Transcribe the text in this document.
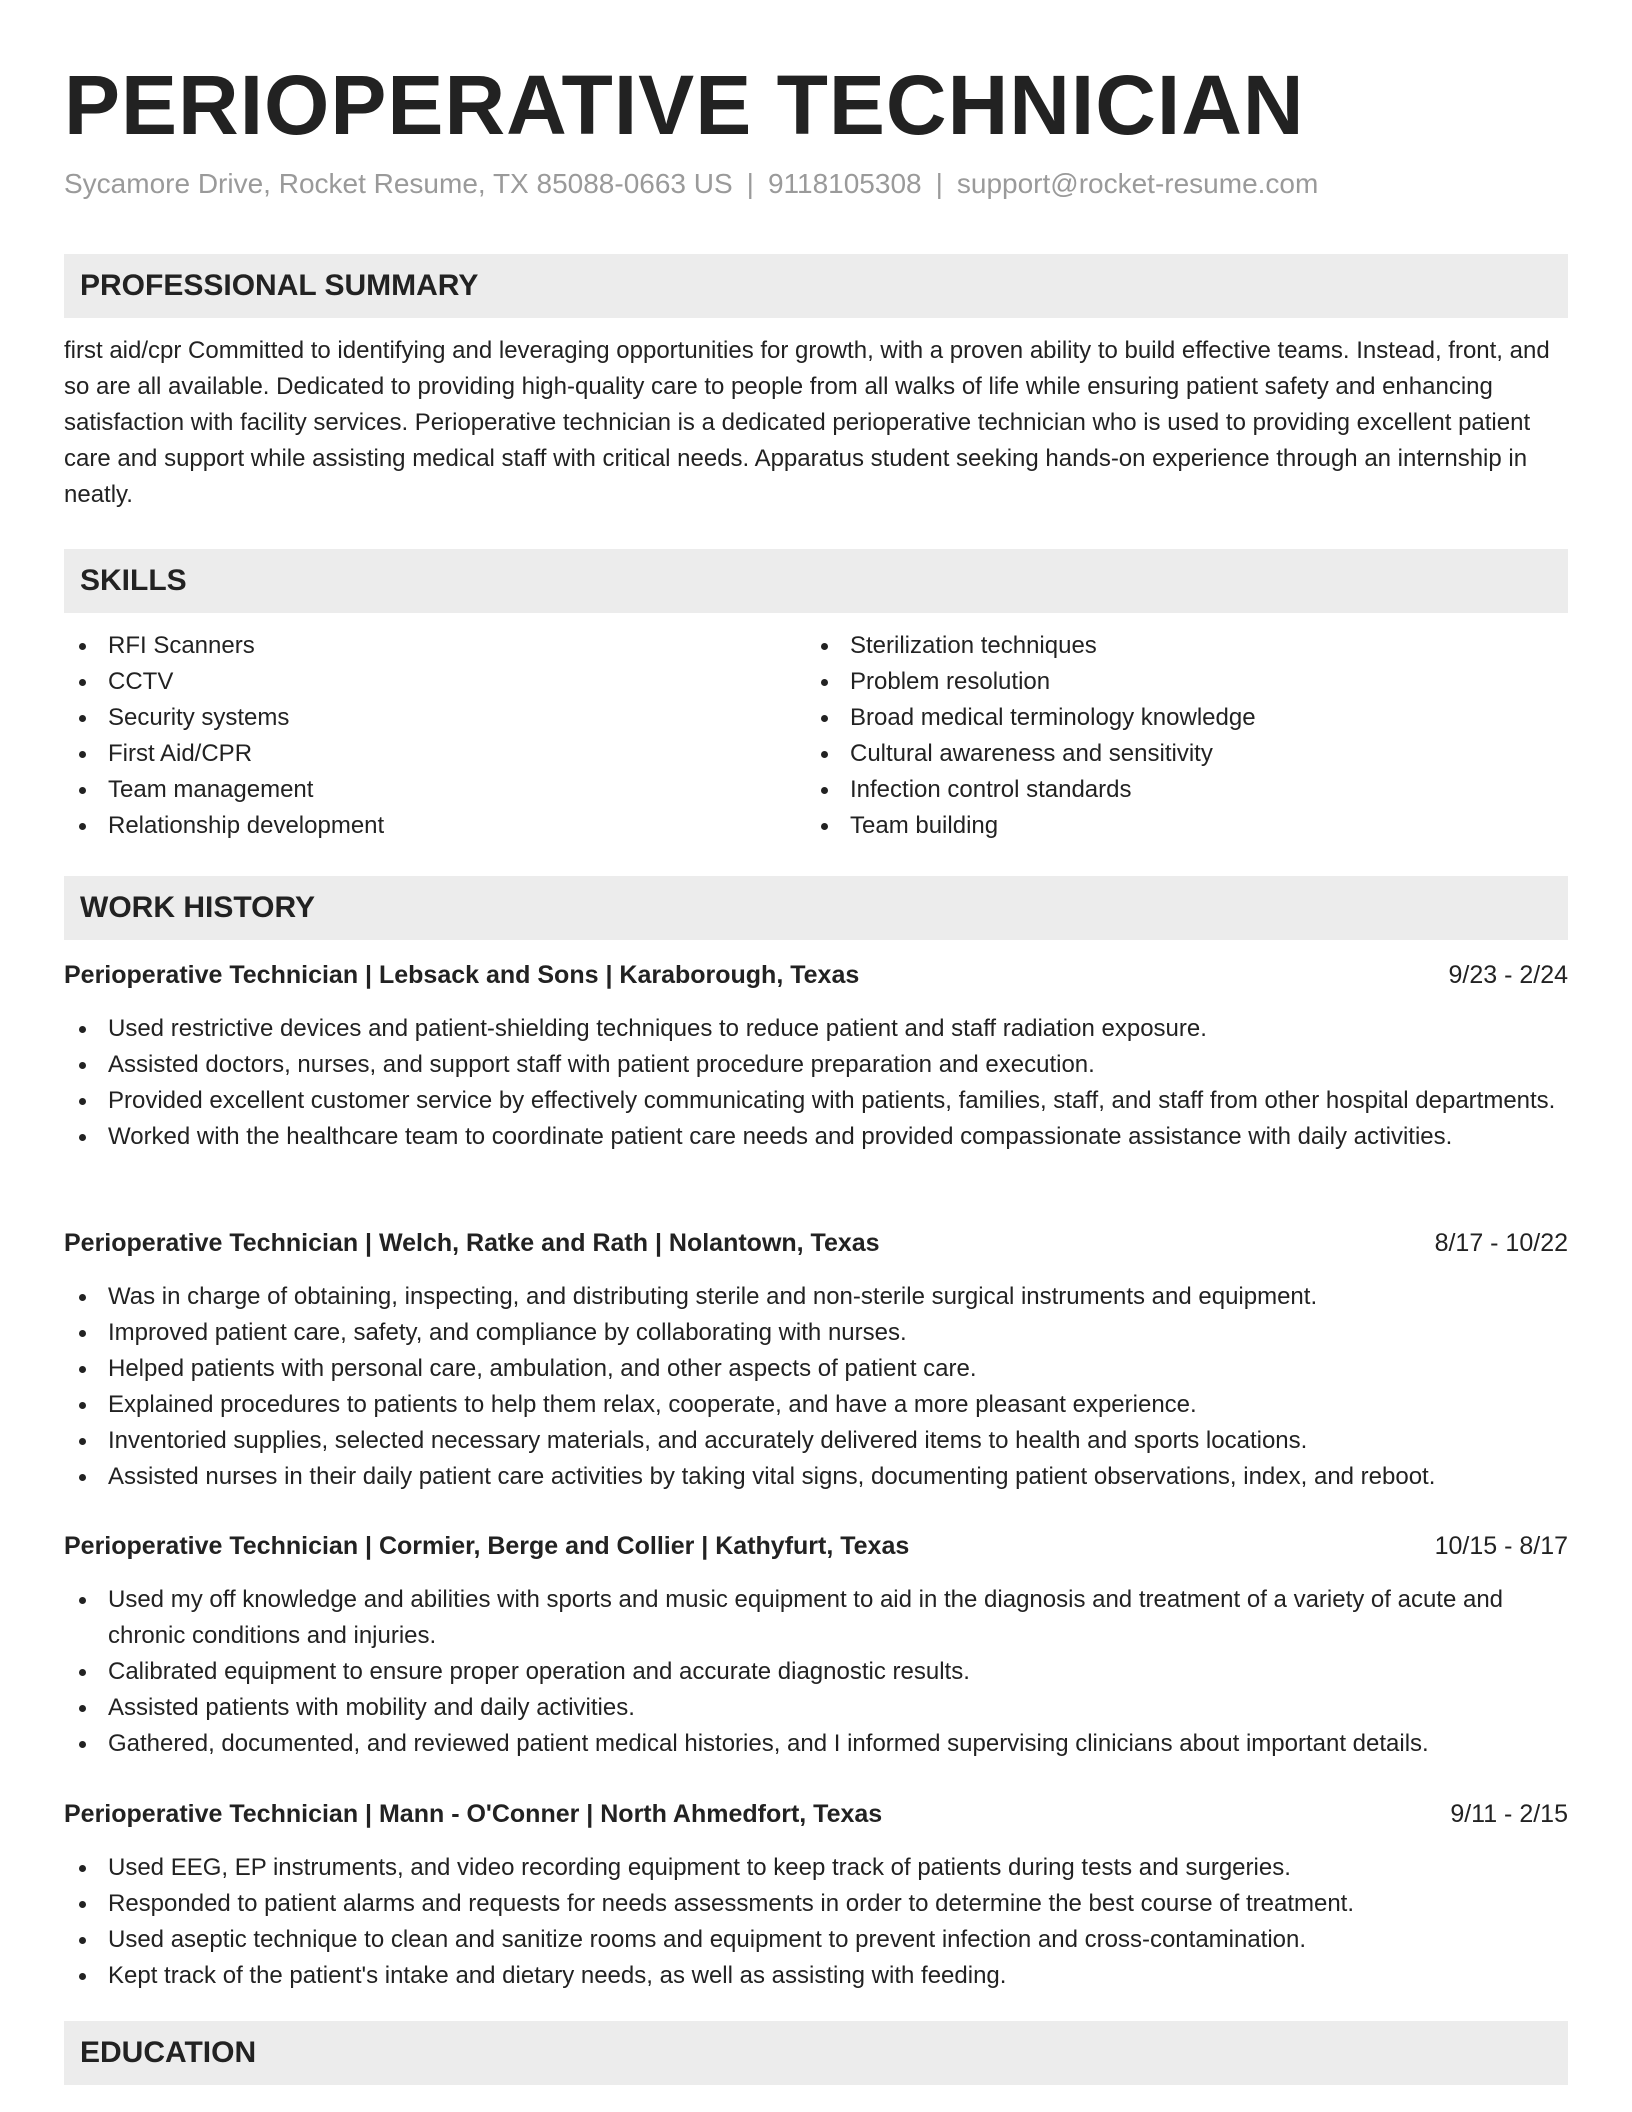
PERIOPERATIVE TECHNICIAN
Sycamore Drive, Rocket Resume, TX 85088-0663 US | 9118105308 | support@rocket-resume.com
PROFESSIONAL SUMMARY

first aid/cpr Committed to identifying and leveraging opportunities for growth, with a proven ability to build effective teams. Instead, front, and so are all available. Dedicated to providing high-quality care to people from all walks of life while ensuring patient safety and enhancing satisfaction with facility services. Perioperative technician is a dedicated perioperative technician who is used to providing excellent patient care and support while assisting medical staff with critical needs. Apparatus student seeking hands-on experience through an internship in neatly.

SKILLS
RFI Scanners
CCTV
Security systems
First Aid/CPR
Team management
Relationship development
Sterilization techniques
Problem resolution
Broad medical terminology knowledge
Cultural awareness and sensitivity
Infection control standards
Team building
WORK HISTORY
Perioperative Technician | Lebsack and Sons | Karaborough, Texas	9/23 - 2/24
Used restrictive devices and patient-shielding techniques to reduce patient and staff radiation exposure.
Assisted doctors, nurses, and support staff with patient procedure preparation and execution.
Provided excellent customer service by effectively communicating with patients, families, staff, and staff from other hospital departments.
Worked with the healthcare team to coordinate patient care needs and provided compassionate assistance with daily activities.
Perioperative Technician | Welch, Ratke and Rath | Nolantown, Texas	8/17 - 10/22
Was in charge of obtaining, inspecting, and distributing sterile and non-sterile surgical instruments and equipment.
Improved patient care, safety, and compliance by collaborating with nurses.
Helped patients with personal care, ambulation, and other aspects of patient care.
Explained procedures to patients to help them relax, cooperate, and have a more pleasant experience.
Inventoried supplies, selected necessary materials, and accurately delivered items to health and sports locations.
Assisted nurses in their daily patient care activities by taking vital signs, documenting patient observations, index, and reboot.
Perioperative Technician | Cormier, Berge and Collier | Kathyfurt, Texas	10/15 - 8/17
Used my off knowledge and abilities with sports and music equipment to aid in the diagnosis and treatment of a variety of acute and chronic conditions and injuries.
Calibrated equipment to ensure proper operation and accurate diagnostic results.
Assisted patients with mobility and daily activities.
Gathered, documented, and reviewed patient medical histories, and I informed supervising clinicians about important details.
Perioperative Technician | Mann - O'Conner | North Ahmedfort, Texas	9/11 - 2/15
Used EEG, EP instruments, and video recording equipment to keep track of patients during tests and surgeries.
Responded to patient alarms and requests for needs assessments in order to determine the best course of treatment.
Used aseptic technique to clean and sanitize rooms and equipment to prevent infection and cross-contamination.
Kept track of the patient's intake and dietary needs, as well as assisting with feeding.
EDUCATION
